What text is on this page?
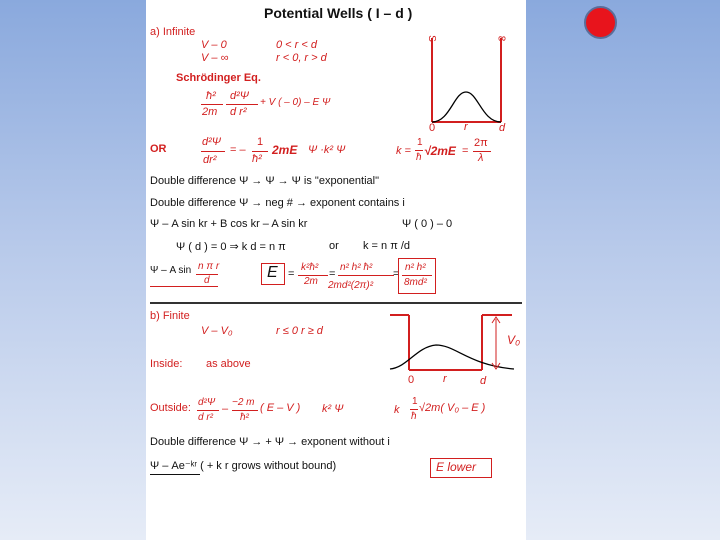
Potential Wells ( I – d )
a) Infinite
V – 0
V – ∞
0 < r < d
r < 0, r > d
Schrödinger Eq.
ħ² d²Ψ
2m d r²
+ V ( – 0) – E Ψ
OR
d²Ψ
dr²
= –
1
ħ²
2mE Ψ ·k² Ψ	k =
1
ħ √2mE =
2π
λ
S	8
0	r	d
Double difference Ψ → Ψ → Ψ is "exponential"
Double difference Ψ → neg # → exponent contains i
Ψ – A sin kr + B cos kr – A sin kr	Ψ ( 0 ) – 0
Ψ ( d ) = 0 ⇒ k d = n π	or k = n π /d
Ψ – A sin n π r
d	E =
k²ħ²
2m
=
n² h² ħ²
2md²(2π)²
=
n² h²
8md²
b) Finite
V – V₀	r ≤ 0 r ≥ d
Inside: as above
V₀
0	r	d
Outside: d²Ψ
d r²
–
−2 m
ħ²
( E – V ) k² Ψ	k
1
ħ
√2m( V₀ – E )
Double difference Ψ → + Ψ → exponent without i
Ψ – Ae⁻ᵏʳ ( + k r grows without bound)	E lower
